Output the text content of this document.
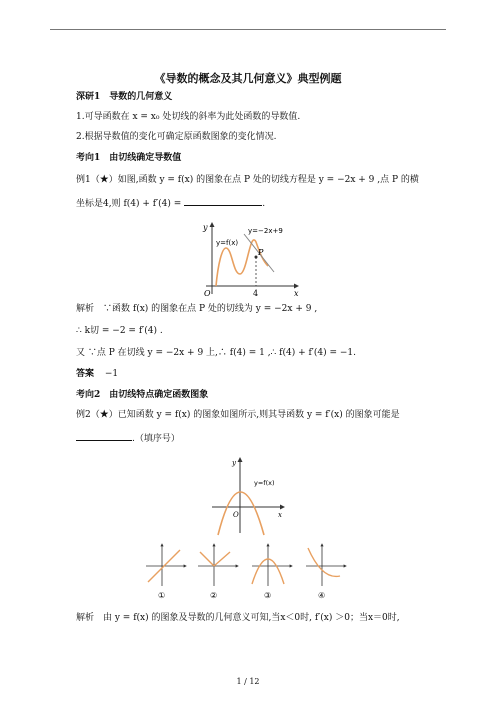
《导数的概念及其几何意义》典型例题
深研1　导数的几何意义
1.可导函数在 x = x₀ 处切线的斜率为此处函数的导数值.
2.根据导数值的变化可确定原函数图象的变化情况.
考向1　由切线确定导数值
例1（★）如图,函数 y = f(x) 的图象在点 P 处的切线方程是 y = −2x + 9 ,点 P 的横
坐标是4,则 f(4) + f′(4) =	.
y
x
O
y=f(x)
y=−2x+9
P
4
解析　∵函数 f(x) 的图象在点 P 处的切线为 y = −2x + 9 ,
∴ k切 = −2 = f′(4) .
又 ∵点 P 在切线 y = −2x + 9 上,∴ f(4) = 1 ,∴ f(4) + f′(4) = −1.
答案 −1
考向2　由切线特点确定函数图象
例2（★）已知函数 y = f(x) 的图象如图所示,则其导函数 y = f′(x) 的图象可能是
.（填序号）
y
x
O
y=f(x)
①	②	③	④
解析　由 y = f(x) 的图象及导数的几何意义可知,当x＜0时, f′(x) ＞0；当x＝0时,
1 / 12
